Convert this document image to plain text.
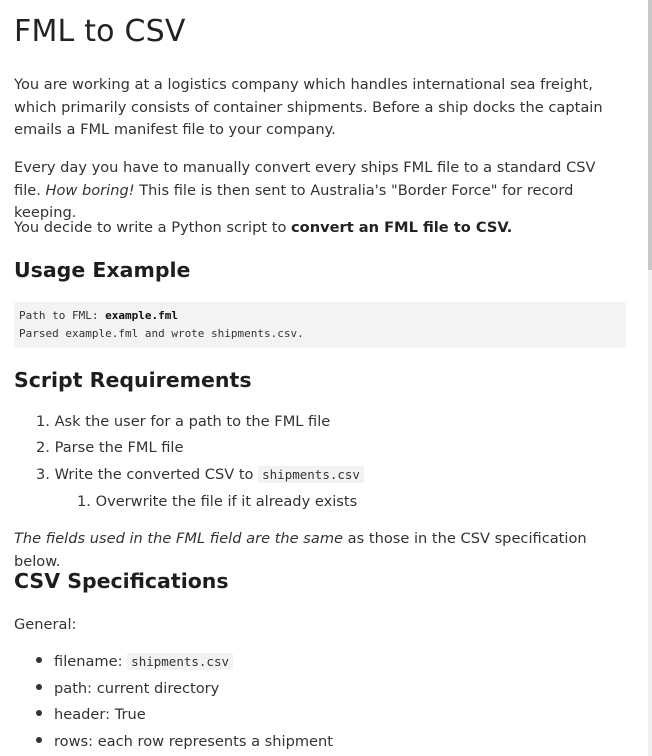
FML to CSV

You are working at a logistics company which handles international sea freight, which primarily consists of container shipments. Before a ship docks the captain emails a FML manifest file to your company.

Every day you have to manually convert every ships FML file to a standard CSV file. How boring! This file is then sent to Australia's "Border Force" for record keeping.

You decide to write a Python script to convert an FML file to CSV.

Usage Example
Path to FML: example.fml
Parsed example.fml and wrote shipments.csv.
Script Requirements
1. Ask the user for a path to the FML file
2. Parse the FML file
3. Write the converted CSV to shipments.csv
1. Overwrite the file if it already exists

The fields used in the FML field are the same as those in the CSV specification below.

CSV Specifications

General:

filename: shipments.csv
path: current directory
header: True
rows: each row represents a shipment
